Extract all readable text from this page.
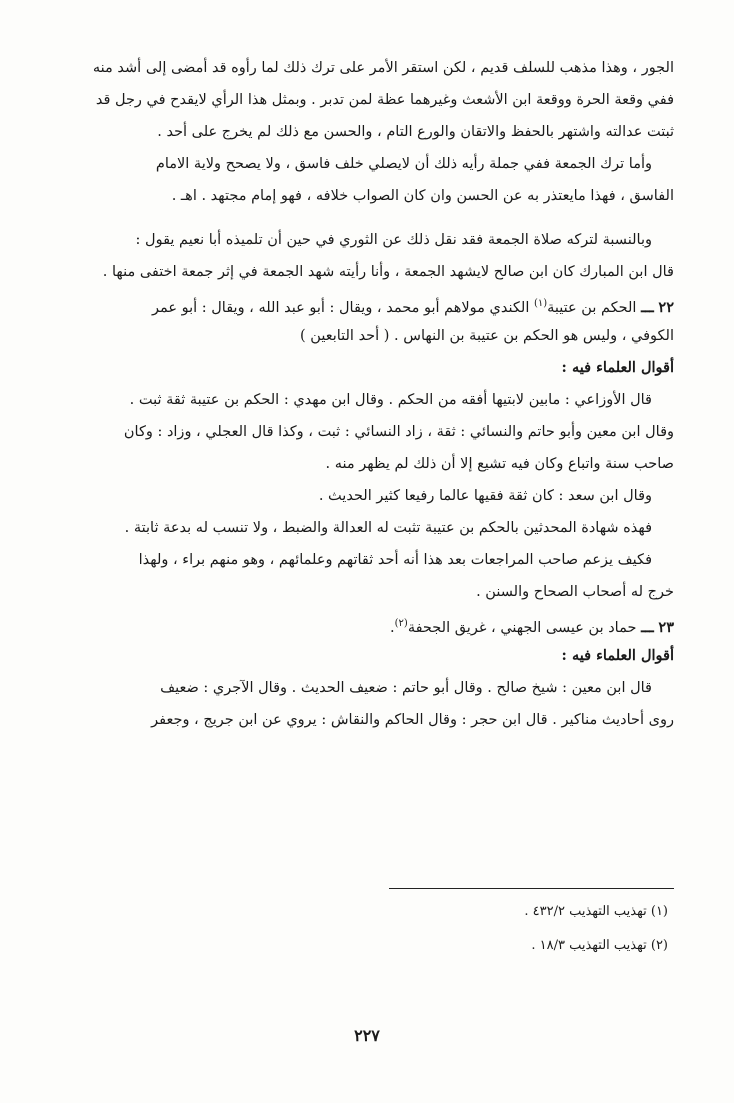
الجور ، وهذا مذهب للسلف قديم ، لكن استقر الأمر على ترك ذلك لما رأوه قد أمضى إلى أشد منه
ففي وقعة الحرة ووقعة ابن الأشعث وغيرهما عظة لمن تدبر . وبمثل هذا الرأي لايقدح في رجل قد
ثبتت عدالته واشتهر بالحفظ والاتقان والورع التام ، والحسن مع ذلك لم يخرج على أحد .
وأما ترك الجمعة ففي جملة رأيه ذلك أن لايصلي خلف فاسق ، ولا يصحح ولاية الامام
الفاسق ، فهذا مايعتذر به عن الحسن وان كان الصواب خلافه ، فهو إمام مجتهد . اهـ .
وبالنسبة لتركه صلاة الجمعة فقد نقل ذلك عن الثوري في حين أن تلميذه أبا نعيم يقول :
قال ابن المبارك كان ابن صالح لايشهد الجمعة ، وأنا رأيته شهد الجمعة في إثر جمعة اختفى منها .
٢٢ ـــ الحكم بن عتيبة$^{(١)}$ الكندي مولاهم أبو محمد ، ويقال : أبو عبد الله ، ويقال : أبو عمر
الكوفي ، وليس هو الحكم بن عتيبة بن النهاس . ( أحد التابعين )
أقوال العلماء فيه :
قال الأوزاعي : مابين لابتيها أفقه من الحكم . وقال ابن مهدي : الحكم بن عتيبة ثقة ثبت .
وقال ابن معين وأبو حاتم والنسائي : ثقة ، زاد النسائي : ثبت ، وكذا قال العجلي ، وزاد : وكان
صاحب سنة واتباع وكان فيه تشيع إلا أن ذلك لم يظهر منه .
وقال ابن سعد : كان ثقة فقيها عالما رفيعا كثير الحديث .
فهذه شهادة المحدثين بالحكم بن عتيبة تثبت له العدالة والضبط ، ولا تنسب له بدعة ثابتة .
فكيف يزعم صاحب المراجعات بعد هذا أنه أحد ثقاتهم وعلمائهم ، وهو منهم براء ، ولهذا
خرج له أصحاب الصحاح والسنن .
٢٣ ـــ حماد بن عيسى الجهني ، غريق الجحفة$^{(٢)}$.
أقوال العلماء فيه :
قال ابن معين : شيخ صالح . وقال أبو حاتم : ضعيف الحديث . وقال الآجري : ضعيف
روى أحاديث مناكير . قال ابن حجر : وقال الحاكم والنقاش : يروي عن ابن جريج ، وجعفر
(١) تهذيب التهذيب ٤٣٢/٢ .
(٢) تهذيب التهذيب ١٨/٣ .
٢٢٧
